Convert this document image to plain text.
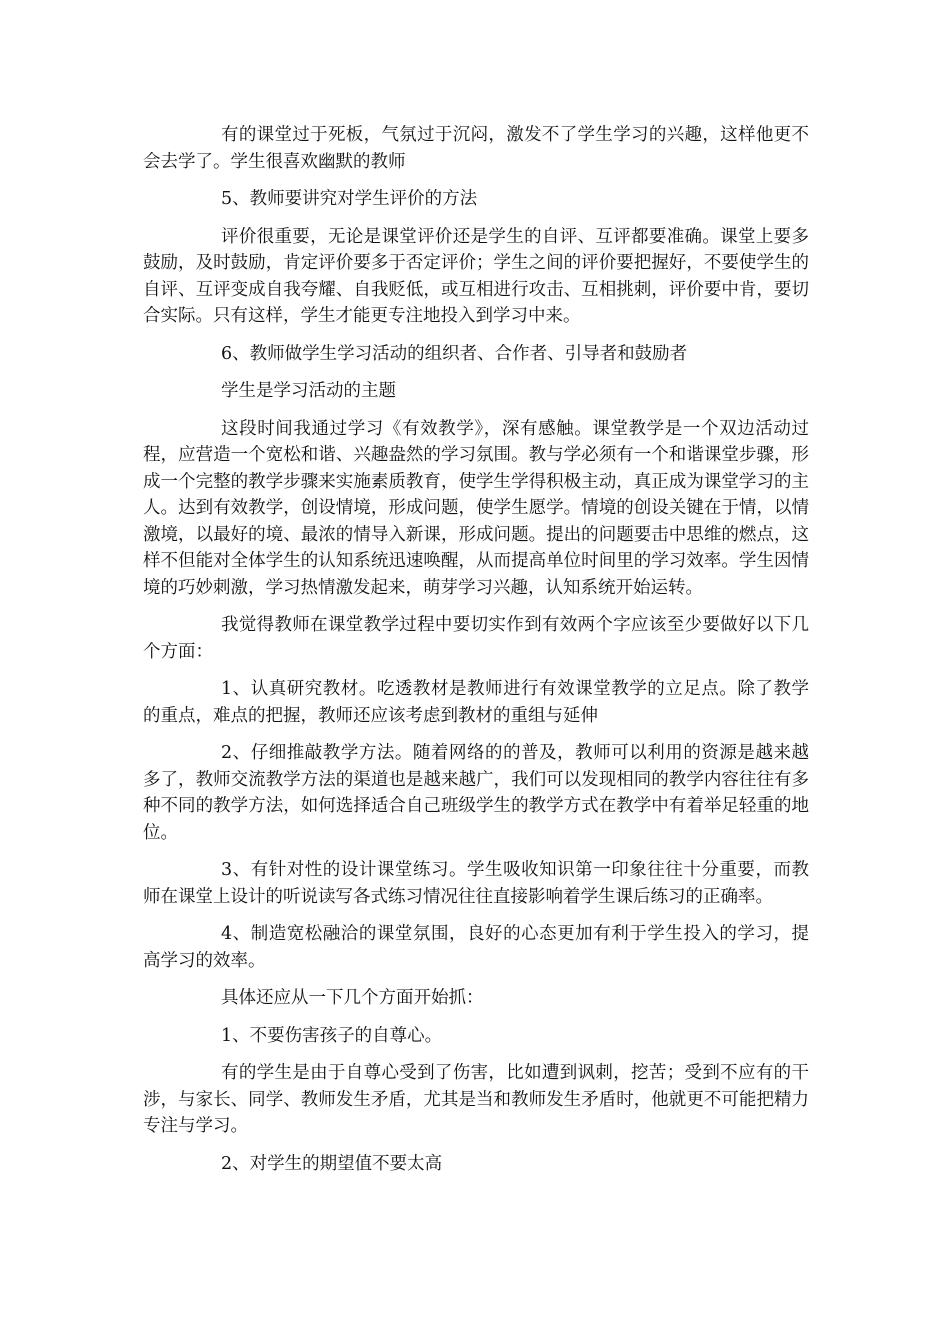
有的课堂过于死板，气氛过于沉闷，激发不了学生学习的兴趣，这样他更不会去学了。学生很喜欢幽默的教师

5、教师要讲究对学生评价的方法

评价很重要，无论是课堂评价还是学生的自评、互评都要准确。课堂上要多鼓励，及时鼓励，肯定评价要多于否定评价；学生之间的评价要把握好，不要使学生的自评、互评变成自我夸耀、自我贬低，或互相进行攻击、互相挑刺，评价要中肯，要切合实际。只有这样，学生才能更专注地投入到学习中来。

6、教师做学生学习活动的组织者、合作者、引导者和鼓励者

学生是学习活动的主题

这段时间我通过学习《有效教学》，深有感触。课堂教学是一个双边活动过程，应营造一个宽松和谐、兴趣盎然的学习氛围。教与学必须有一个和谐课堂步骤，形成一个完整的教学步骤来实施素质教育，使学生学得积极主动，真正成为课堂学习的主人。达到有效教学，创设情境，形成问题，使学生愿学。情境的创设关键在于情，以情激境，以最好的境、最浓的情导入新课，形成问题。提出的问题要击中思维的燃点，这样不但能对全体学生的认知系统迅速唤醒，从而提高单位时间里的学习效率。学生因情境的巧妙刺激，学习热情激发起来，萌芽学习兴趣，认知系统开始运转。

我觉得教师在课堂教学过程中要切实作到有效两个字应该至少要做好以下几个方面：

1、认真研究教材。吃透教材是教师进行有效课堂教学的立足点。除了教学的重点，难点的把握，教师还应该考虑到教材的重组与延伸

2、仔细推敲教学方法。随着网络的的普及，教师可以利用的资源是越来越多了，教师交流教学方法的渠道也是越来越广，我们可以发现相同的教学内容往往有多种不同的教学方法，如何选择适合自己班级学生的教学方式在教学中有着举足轻重的地位。

3、有针对性的设计课堂练习。学生吸收知识第一印象往往十分重要，而教师在课堂上设计的听说读写各式练习情况往往直接影响着学生课后练习的正确率。

4、制造宽松融洽的课堂氛围，良好的心态更加有利于学生投入的学习，提高学习的效率。

具体还应从一下几个方面开始抓：

1、不要伤害孩子的自尊心。

有的学生是由于自尊心受到了伤害，比如遭到讽刺，挖苦；受到不应有的干涉，与家长、同学、教师发生矛盾，尤其是当和教师发生矛盾时，他就更不可能把精力专注与学习。

2、对学生的期望值不要太高
